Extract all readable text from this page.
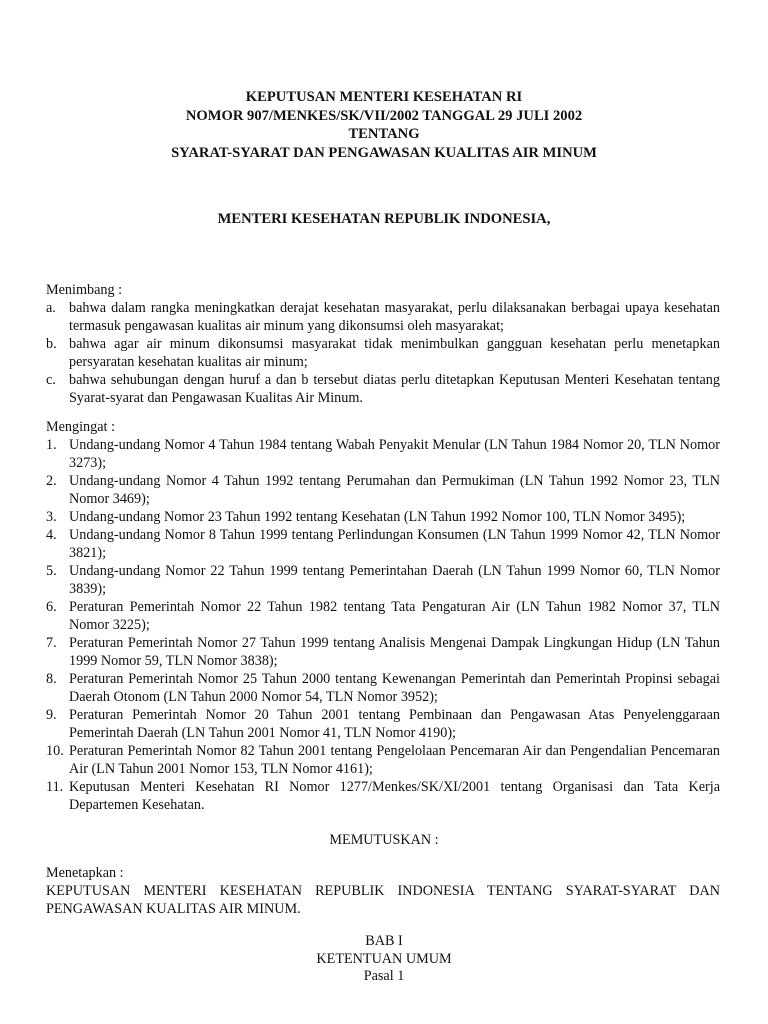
KEPUTUSAN MENTERI KESEHATAN RI
NOMOR 907/MENKES/SK/VII/2002 TANGGAL 29 JULI 2002
TENTANG
SYARAT-SYARAT DAN PENGAWASAN KUALITAS AIR MINUM
MENTERI KESEHATAN REPUBLIK INDONESIA,
Menimbang :
a. bahwa dalam rangka meningkatkan derajat kesehatan masyarakat, perlu dilaksanakan berbagai upaya kesehatan termasuk pengawasan kualitas air minum yang dikonsumsi oleh masyarakat;
b. bahwa agar air minum dikonsumsi masyarakat tidak menimbulkan gangguan kesehatan perlu menetapkan persyaratan kesehatan kualitas air minum;
c. bahwa sehubungan dengan huruf a dan b tersebut diatas perlu ditetapkan Keputusan Menteri Kesehatan tentang Syarat-syarat dan Pengawasan Kualitas Air Minum.
Mengingat :
1. Undang-undang Nomor 4 Tahun 1984 tentang Wabah Penyakit Menular (LN Tahun 1984 Nomor 20, TLN Nomor 3273);
2. Undang-undang Nomor 4 Tahun 1992 tentang Perumahan dan Permukiman (LN Tahun 1992 Nomor 23, TLN Nomor 3469);
3. Undang-undang Nomor 23 Tahun 1992 tentang Kesehatan (LN Tahun 1992 Nomor 100, TLN Nomor 3495);
4. Undang-undang Nomor 8 Tahun 1999 tentang Perlindungan Konsumen (LN Tahun 1999 Nomor 42, TLN Nomor 3821);
5. Undang-undang Nomor 22 Tahun 1999 tentang Pemerintahan Daerah (LN Tahun 1999 Nomor 60, TLN Nomor 3839);
6. Peraturan Pemerintah Nomor 22 Tahun 1982 tentang Tata Pengaturan Air (LN Tahun 1982 Nomor 37, TLN Nomor 3225);
7. Peraturan Pemerintah Nomor 27 Tahun 1999 tentang Analisis Mengenai Dampak Lingkungan Hidup (LN Tahun 1999 Nomor 59, TLN Nomor 3838);
8. Peraturan Pemerintah Nomor 25 Tahun 2000 tentang Kewenangan Pemerintah dan Pemerintah Propinsi sebagai Daerah Otonom (LN Tahun 2000 Nomor 54, TLN Nomor 3952);
9. Peraturan Pemerintah Nomor 20 Tahun 2001 tentang Pembinaan dan Pengawasan Atas Penyelenggaraan Pemerintah Daerah (LN Tahun 2001 Nomor 41, TLN Nomor 4190);
10. Peraturan Pemerintah Nomor 82 Tahun 2001 tentang Pengelolaan Pencemaran Air dan Pengendalian Pencemaran Air (LN Tahun 2001 Nomor 153, TLN Nomor 4161);
11. Keputusan Menteri Kesehatan RI Nomor 1277/Menkes/SK/XI/2001 tentang Organisasi dan Tata Kerja Departemen Kesehatan.
MEMUTUSKAN :
Menetapkan :
KEPUTUSAN MENTERI KESEHATAN REPUBLIK INDONESIA TENTANG SYARAT-SYARAT DAN PENGAWASAN KUALITAS AIR MINUM.
BAB I
KETENTUAN UMUM
Pasal 1
